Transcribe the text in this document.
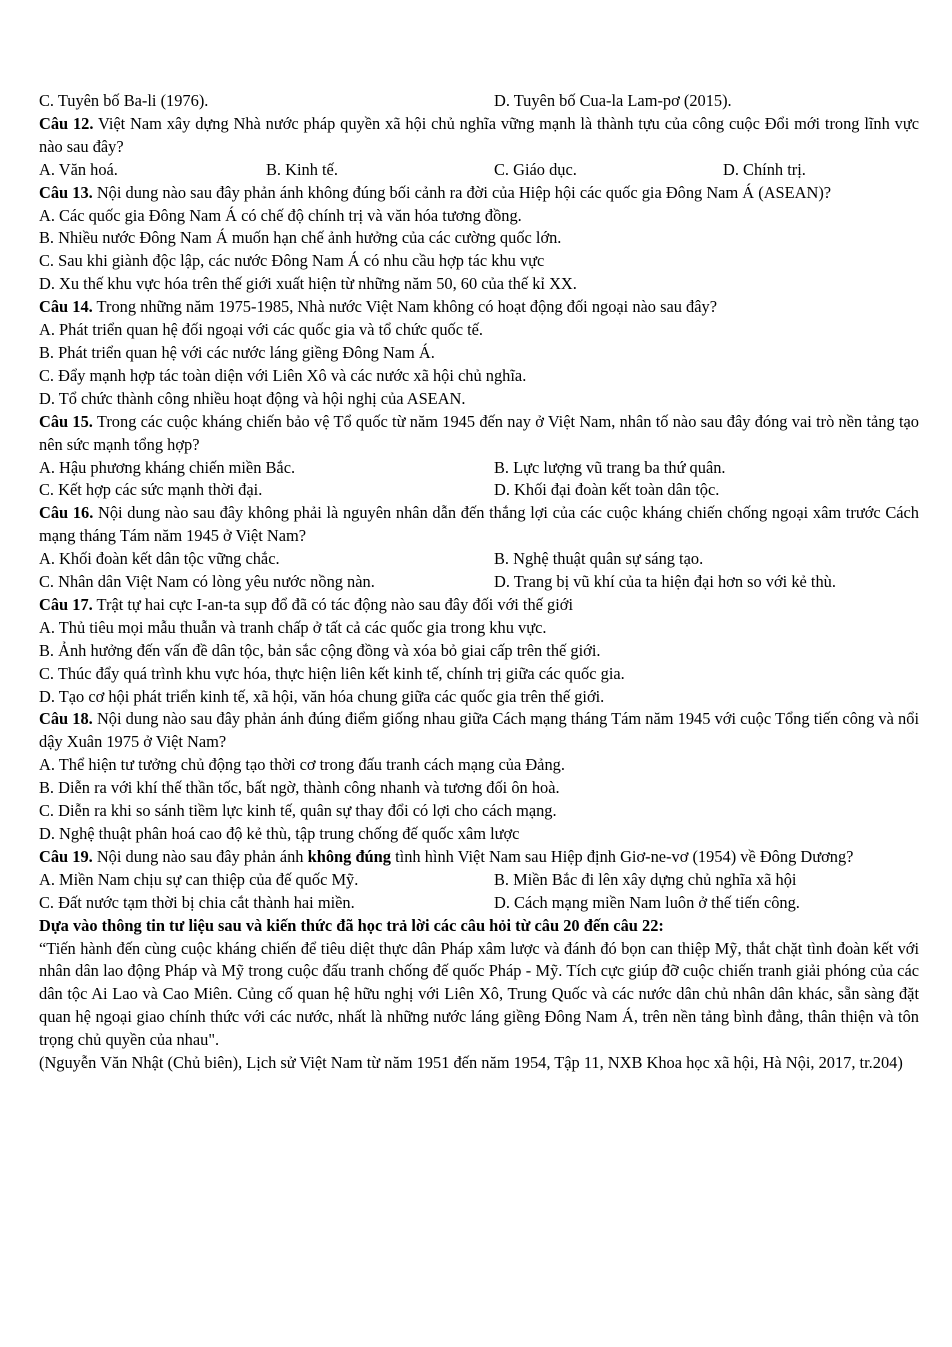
C. Tuyên bố Ba-li (1976).	D. Tuyên bố Cua-la Lam-pơ (2015).

Câu 12. Việt Nam xây dựng Nhà nước pháp quyền xã hội chủ nghĩa vững mạnh là thành tựu của công cuộc Đổi mới trong lĩnh vực nào sau đây?

A. Văn hoá.	B. Kinh tế.	C. Giáo dục.	D. Chính trị.

Câu 13. Nội dung nào sau đây phản ánh không đúng bối cảnh ra đời của Hiệp hội các quốc gia Đông Nam Á (ASEAN)?

A. Các quốc gia Đông Nam Á có chế độ chính trị và văn hóa tương đồng.

B. Nhiều nước Đông Nam Á muốn hạn chế ảnh hưởng của các cường quốc lớn.

C. Sau khi giành độc lập, các nước Đông Nam Á có nhu cầu hợp tác khu vực

D. Xu thế khu vực hóa trên thế giới xuất hiện từ những năm 50, 60 của thế kỉ XX.

Câu 14. Trong những năm 1975-1985, Nhà nước Việt Nam không có hoạt động đối ngoại nào sau đây?

A. Phát triển quan hệ đối ngoại với các quốc gia và tổ chức quốc tế.

B. Phát triển quan hệ với các nước láng giềng Đông Nam Á.

C. Đẩy mạnh hợp tác toàn diện với Liên Xô và các nước xã hội chủ nghĩa.

D. Tổ chức thành công nhiều hoạt động và hội nghị của ASEAN.

Câu 15. Trong các cuộc kháng chiến bảo vệ Tổ quốc từ năm 1945 đến nay ở Việt Nam, nhân tố nào sau đây đóng vai trò nền tảng tạo nên sức mạnh tổng hợp?

A. Hậu phương kháng chiến miền Bắc.	B. Lực lượng vũ trang ba thứ quân.
C. Kết hợp các sức mạnh thời đại.	D. Khối đại đoàn kết toàn dân tộc.

Câu 16. Nội dung nào sau đây không phải là nguyên nhân dẫn đến thắng lợi của các cuộc kháng chiến chống ngoại xâm trước Cách mạng tháng Tám năm 1945 ở Việt Nam?

A. Khối đoàn kết dân tộc vững chắc.	B. Nghệ thuật quân sự sáng tạo.
C. Nhân dân Việt Nam có lòng yêu nước nồng nàn.	D. Trang bị vũ khí của ta hiện đại hơn so với kẻ thù.

Câu 17. Trật tự hai cực I-an-ta sụp đổ đã có tác động nào sau đây đối với thế giới

A. Thủ tiêu mọi mẫu thuẫn và tranh chấp ở tất cả các quốc gia trong khu vực.

B. Ảnh hưởng đến vấn đề dân tộc, bản sắc cộng đồng và xóa bỏ giai cấp trên thế giới.

C. Thúc đẩy quá trình khu vực hóa, thực hiện liên kết kinh tế, chính trị giữa các quốc gia.

D. Tạo cơ hội phát triển kinh tế, xã hội, văn hóa chung giữa các quốc gia trên thế giới.

Câu 18. Nội dung nào sau đây phản ánh đúng điểm giống nhau giữa Cách mạng tháng Tám năm 1945 với cuộc Tổng tiến công và nổi dậy Xuân 1975 ở Việt Nam?

A. Thể hiện tư tưởng chủ động tạo thời cơ trong đấu tranh cách mạng của Đảng.

B. Diễn ra với khí thế thần tốc, bất ngờ, thành công nhanh và tương đối ôn hoà.

C. Diễn ra khi so sánh tiềm lực kinh tế, quân sự thay đổi có lợi cho cách mạng.

D. Nghệ thuật phân hoá cao độ kẻ thù, tập trung chống đế quốc xâm lược

Câu 19. Nội dung nào sau đây phản ánh không đúng tình hình Việt Nam sau Hiệp định Giơ-ne-vơ (1954) về Đông Dương?

A. Miền Nam chịu sự can thiệp của đế quốc Mỹ.	B. Miền Bắc đi lên xây dựng chủ nghĩa xã hội
C. Đất nước tạm thời bị chia cắt thành hai miền.	D. Cách mạng miền Nam luôn ở thế tiến công.

Dựa vào thông tin tư liệu sau và kiến thức đã học trả lời các câu hỏi từ câu 20 đến câu 22:

“Tiến hành đến cùng cuộc kháng chiến để tiêu diệt thực dân Pháp xâm lược và đánh đó bọn can thiệp Mỹ, thắt chặt tình đoàn kết với nhân dân lao động Pháp và Mỹ trong cuộc đấu tranh chống đế quốc Pháp - Mỹ. Tích cực giúp đỡ cuộc chiến tranh giải phóng của các dân tộc Ai Lao và Cao Miên. Củng cố quan hệ hữu nghị với Liên Xô, Trung Quốc và các nước dân chủ nhân dân khác, sẵn sàng đặt quan hệ ngoại giao chính thức với các nước, nhất là những nước láng giềng Đông Nam Á, trên nền tảng bình đẳng, thân thiện và tôn trọng chủ quyền của nhau".

(Nguyễn Văn Nhật (Chủ biên), Lịch sử Việt Nam từ năm 1951 đến năm 1954, Tập 11, NXB Khoa học xã hội, Hà Nội, 2017, tr.204)
